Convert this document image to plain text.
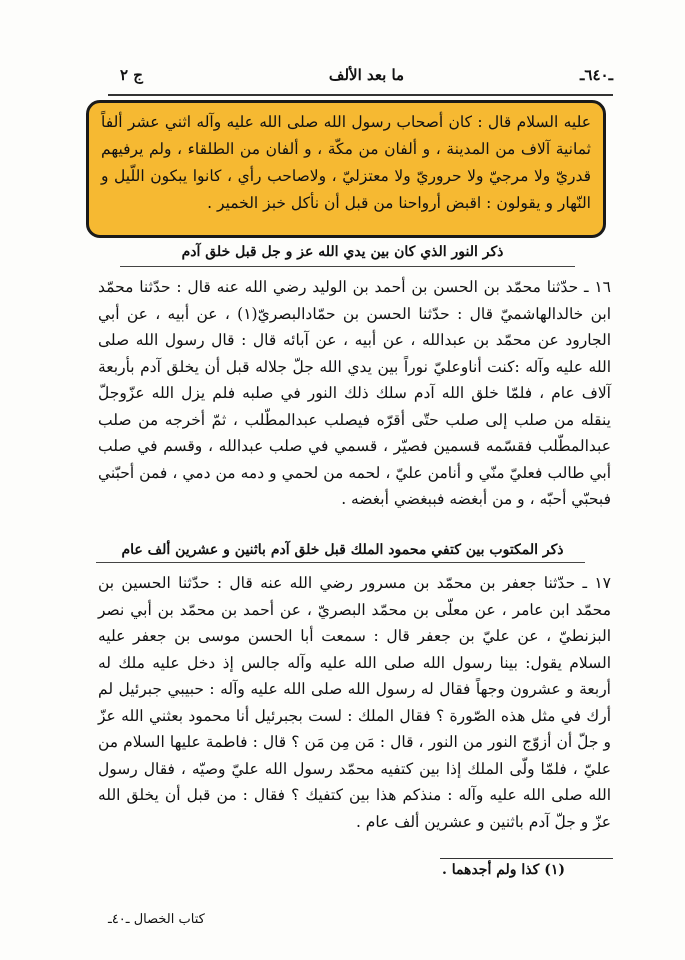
ـ٦٤٠ـ
ما بعد الألف
ج ٢
عليه السلام قال : كان أصحاب رسول الله صلى الله عليه وآله اثني عشر ألفاً ثمانية آلاف من المدينة ، و ألفان من مكّة ، و ألفان من الطلقاء ، ولم يرفيهم قدريّ ولا مرجيّ ولا حروريّ ولا معتزليّ ، ولاصاحب رأي ، كانوا يبكون اللّيل و النّهار و يقولون : اقبض أرواحنا من قبل أن نأكل خبز الخمير .
ذكر النور الذي كان بين يدي الله عز و جل قبل خلق آدم
١٦ ـ حدّثنا محمّد بن الحسن بن أحمد بن الوليد رضي الله عنه قال : حدّثنا محمّد ابن خالدالهاشميّ قال : حدّثنا الحسن بن حمّادالبصريّ(١) ، عن أبيه ، عن أبي الجارود عن محمّد بن عبدالله ، عن أبيه ، عن آبائه قال : قال رسول الله صلى الله عليه وآله :كنت أناوعليّ نوراً بين يدي الله جلّ جلاله قبل أن يخلق آدم بأربعة آلاف عام ، فلمّا خلق الله آدم سلك ذلك النور في صلبه فلم يزل الله عزّوجلّ ينقله من صلب إلى صلب حتّى أقرّه فيصلب عبدالمطّلب ، ثمّ أخرجه من صلب عبدالمطّلب فقسّمه قسمين فصيّر ، قسمي في صلب عبدالله ، وقسم في صلب أبي طالب فعليّ منّي و أنامن عليّ ، لحمه من لحمي و دمه من دمي ، فمن أحبّني فبحبّي أحبّه ، و من أبغضه فببغضي أبغضه .
ذكر المكتوب بين كتفي محمود الملك قبل خلق آدم باثنين و عشرين ألف عام
١٧ ـ حدّثنا جعفر بن محمّد بن مسرور رضي الله عنه قال : حدّثنا الحسين بن محمّد ابن عامر ، عن معلّى بن محمّد البصريّ ، عن أحمد بن محمّد بن أبي نصر البزنطيّ ، عن عليّ بن جعفر قال : سمعت أبا الحسن موسى بن جعفر عليه السلام يقول: بينا رسول الله صلى الله عليه وآله جالس إذ دخل عليه ملك له أربعة و عشرون وجهاً فقال له رسول الله صلى الله عليه وآله : حبيبي جبرئيل لم أرك في مثل هذه الصّورة ؟ فقال الملك : لست بجبرئيل أنا محمود بعثني الله عزّ و جلّ أن أزوّج النور من النور ، قال : مَن مِن مَن ؟ قال : فاطمة عليها السلام من عليّ ، فلمّا ولّى الملك إذا بين كتفيه محمّد رسول الله عليّ وصيّه ، فقال رسول الله صلى الله عليه وآله : منذكم هذا بين كتفيك ؟ فقال : من قبل أن يخلق الله عزّ و جلّ آدم باثنين و عشرين ألف عام .
(١) كذا ولم أجدهما .
كتاب الخصال ـ٤٠ـ
